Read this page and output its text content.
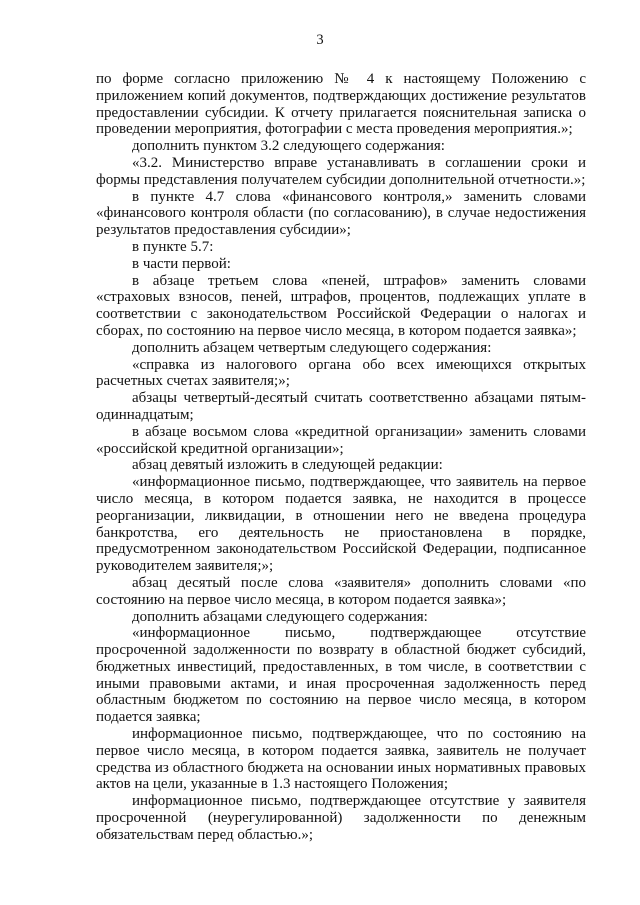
3

по форме согласно приложению № 4 к настоящему Положению с приложением копий документов, подтверждающих достижение результатов предоставлении субсидии. К отчету прилагается пояснительная записка о проведении мероприятия, фотографии с места проведения мероприятия.»;

дополнить пунктом 3.2 следующего содержания:

«3.2. Министерство вправе устанавливать в соглашении сроки и формы представления получателем субсидии дополнительной отчетности.»;

в пункте 4.7 слова «финансового контроля,» заменить словами «финансового контроля области (по согласованию), в случае недостижения результатов предоставления субсидии»;

в пункте 5.7:

в части первой:

в абзаце третьем слова «пеней, штрафов» заменить словами «страховых взносов, пеней, штрафов, процентов, подлежащих уплате в соответствии с законодательством Российской Федерации о налогах и сборах, по состоянию на первое число месяца, в котором подается заявка»;

дополнить абзацем четвертым следующего содержания:

«справка из налогового органа обо всех имеющихся открытых расчетных счетах заявителя;»;

абзацы четвертый-десятый считать соответственно абзацами пятым-одиннадцатым;

в абзаце восьмом слова «кредитной организации» заменить словами «российской кредитной организации»;

абзац девятый изложить в следующей редакции:

«информационное письмо, подтверждающее, что заявитель на первое число месяца, в котором подается заявка, не находится в процессе реорганизации, ликвидации, в отношении него не введена процедура банкротства, его деятельность не приостановлена в порядке, предусмотренном законодательством Российской Федерации, подписанное руководителем заявителя;»;

абзац десятый после слова «заявителя» дополнить словами «по состоянию на первое число месяца, в котором подается заявка»;

дополнить абзацами следующего содержания:

«информационное письмо, подтверждающее отсутствие просроченной задолженности по возврату в областной бюджет субсидий, бюджетных инвестиций, предоставленных, в том числе, в соответствии с иными правовыми актами, и иная просроченная задолженность перед областным бюджетом по состоянию на первое число месяца, в котором подается заявка;

информационное письмо, подтверждающее, что по состоянию на первое число месяца, в котором подается заявка, заявитель не получает средства из областного бюджета на основании иных нормативных правовых актов на цели, указанные в 1.3 настоящего Положения;

информационное письмо, подтверждающее отсутствие у заявителя просроченной (неурегулированной) задолженности по денежным обязательствам перед областью.»;
